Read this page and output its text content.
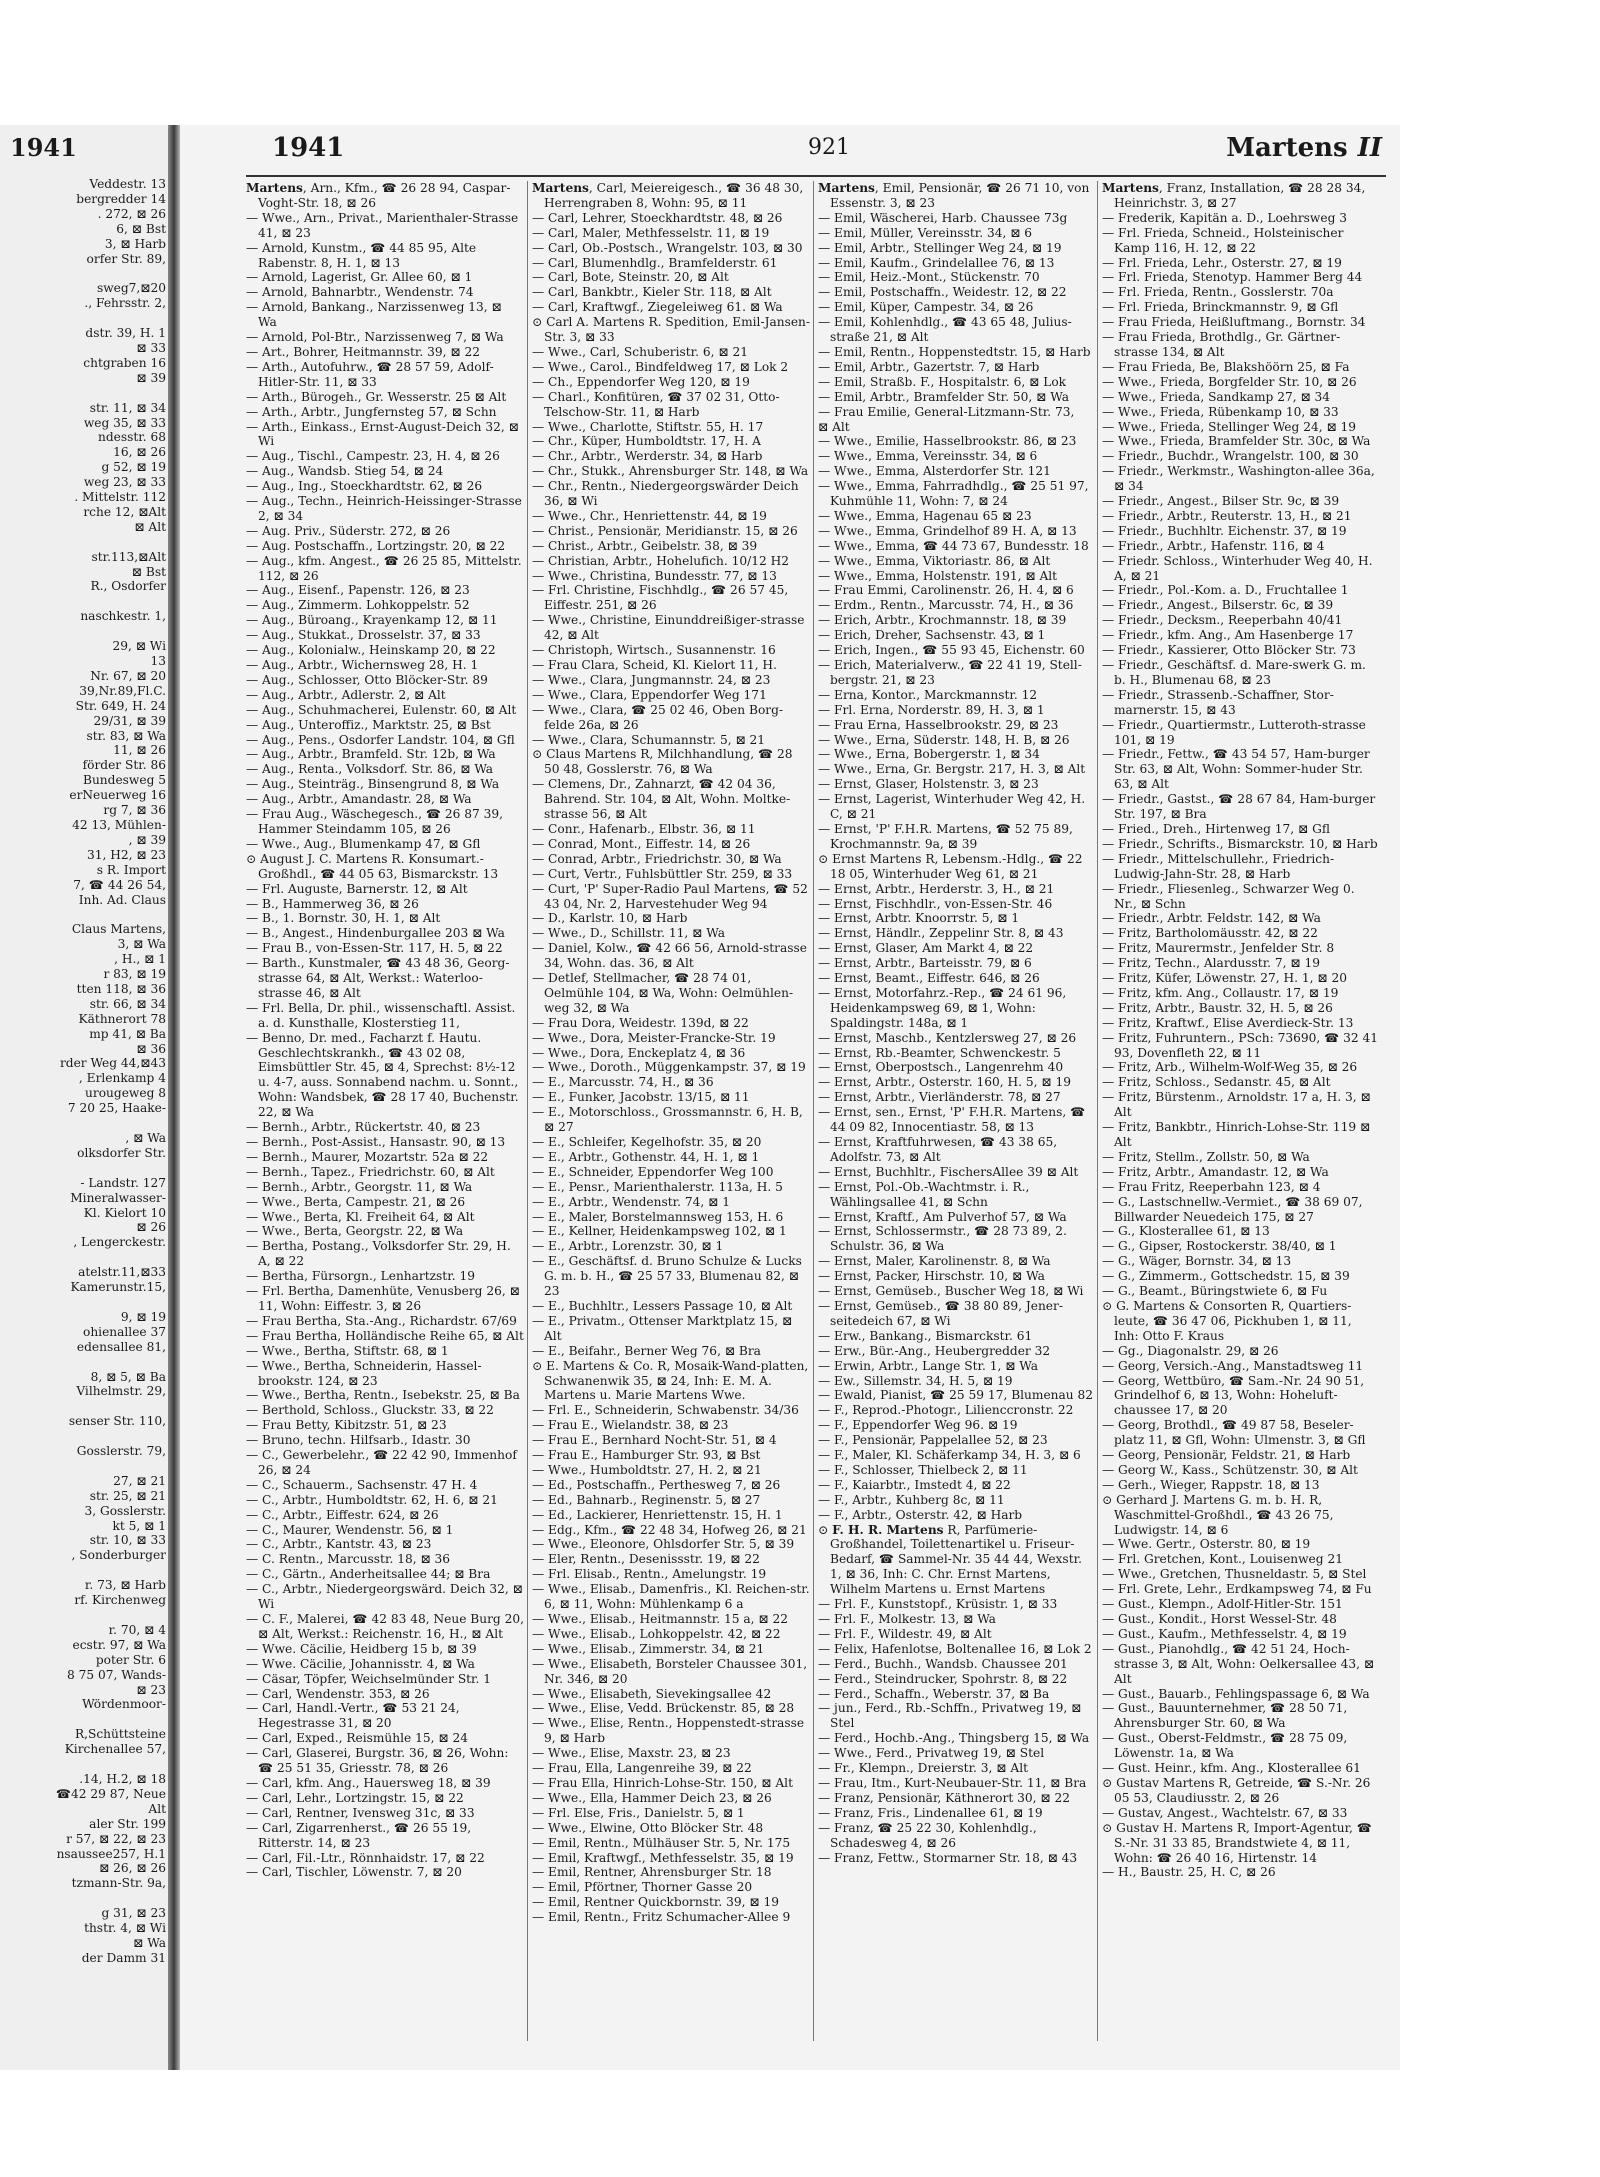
1941
Veddestr. 13
bergredder 14
. 272, ⊠ 26
6, ⊠ Bst
3, ⊠ Harb
orfer Str. 89,

sweg7,⊠20
., Fehrsstr. 2,

dstr. 39, H. 1
⊠ 33
chtgraben 16
⊠ 39

str. 11, ⊠ 34
weg 35, ⊠ 33
ndesstr. 68
16, ⊠ 26
g 52, ⊠ 19
weg 23, ⊠ 33
. Mittelstr. 112
rche 12, ⊠Alt
⊠ Alt

str.113,⊠Alt
⊠ Bst
R., Osdorfer

naschkestr. 1,

29, ⊠ Wi
13
Nr. 67, ⊠ 20
39,Nr.89,Fl.C.
Str. 649, H. 24
29/31, ⊠ 39
str. 83, ⊠ Wa
11, ⊠ 26
förder Str. 86
Bundesweg 5
erNeuerweg 16
rg 7, ⊠ 36
42 13, Mühlen-
, ⊠ 39
31, H2, ⊠ 23
s R. Import
7, ☎ 44 26 54,
Inh. Ad. Claus

Claus Martens,
3, ⊠ Wa
, H., ⊠ 1
r 83, ⊠ 19
tten 118, ⊠ 36
str. 66, ⊠ 34
Käthnerort 78
mp 41, ⊠ Ba
⊠ 36
rder Weg 44,⊠43
, Erlenkamp 4
urougeweg 8
7 20 25, Haake-

, ⊠ Wa
olksdorfer Str.

- Landstr. 127
Mineralwasser-
Kl. Kielort 10
⊠ 26
, Lengerckestr.

atelstr.11,⊠33
Kamerunstr.15,

9, ⊠ 19
ohienallee 37
edensallee 81,

8, ⊠ 5, ⊠ Ba
Vilhelmstr. 29,

senser Str. 110,

Gosslerstr. 79,

27, ⊠ 21
str. 25, ⊠ 21
3, Gosslerstr.
kt 5, ⊠ 1
str. 10, ⊠ 33
, Sonderburger

r. 73, ⊠ Harb
rf. Kirchenweg

r. 70, ⊠ 4
ecstr. 97, ⊠ Wa
poter Str. 6
8 75 07, Wands-
⊠ 23
Wördenmoor-

R,Schüttsteine
Kirchenallee 57,

.14, H.2, ⊠ 18
☎42 29 87, Neue
Alt
aler Str. 199
r 57, ⊠ 22, ⊠ 23
nsaussee257, H.1
⊠ 26, ⊠ 26
tzmann-Str. 9a,

g 31, ⊠ 23
thstr. 4, ⊠ Wi
⊠ Wa
der Damm 31
1941	921	Martens II

Martens, Arn., Kfm., ☎ 26 28 94, Caspar-Voght-Str. 18, ⊠ 26

— Wwe., Arn., Privat., Marienthaler-Strasse 41, ⊠ 23

— Arnold, Kunstm., ☎ 44 85 95, Alte Rabenstr. 8, H. 1, ⊠ 13

— Arnold, Lagerist, Gr. Allee 60, ⊠ 1

— Arnold, Bahnarbtr., Wendenstr. 74

— Arnold, Bankang., Narzissenweg 13, ⊠ Wa

— Arnold, Pol-Btr., Narzissenweg 7, ⊠ Wa

— Art., Bohrer, Heitmannstr. 39, ⊠ 22

— Arth., Autofuhrw., ☎ 28 57 59, Adolf-Hitler-Str. 11, ⊠ 33

— Arth., Bürogeh., Gr. Wesserstr. 25 ⊠ Alt

— Arth., Arbtr., Jungfernsteg 57, ⊠ Schn

— Arth., Einkass., Ernst-August-Deich 32, ⊠ Wi

— Aug., Tischl., Campestr. 23, H. 4, ⊠ 26

— Aug., Wandsb. Stieg 54, ⊠ 24

— Aug., Ing., Stoeckhardtstr. 62, ⊠ 26

— Aug., Techn., Heinrich-Heissinger-Strasse 2, ⊠ 34

— Aug. Priv., Süderstr. 272, ⊠ 26

— Aug. Postschaffn., Lortzingstr. 20, ⊠ 22

— Aug., kfm. Angest., ☎ 26 25 85, Mittelstr. 112, ⊠ 26

— Aug., Eisenf., Papenstr. 126, ⊠ 23

— Aug., Zimmerm. Lohkoppelstr. 52

— Aug., Büroang., Krayenkamp 12, ⊠ 11

— Aug., Stukkat., Drosselstr. 37, ⊠ 33

— Aug., Kolonialw., Heinskamp 20, ⊠ 22

— Aug., Arbtr., Wichernsweg 28, H. 1

— Aug., Schlosser, Otto Blöcker-Str. 89

— Aug., Arbtr., Adlerstr. 2, ⊠ Alt

— Aug., Schuhmacherei, Eulenstr. 60, ⊠ Alt

— Aug., Unteroffiz., Marktstr. 25, ⊠ Bst

— Aug., Pens., Osdorfer Landstr. 104, ⊠ Gfl

— Aug., Arbtr., Bramfeld. Str. 12b, ⊠ Wa

— Aug., Renta., Volksdorf. Str. 86, ⊠ Wa

— Aug., Steinträg., Binsengrund 8, ⊠ Wa

— Aug., Arbtr., Amandastr. 28, ⊠ Wa

— Frau Aug., Wäschegesch., ☎ 26 87 39, Hammer Steindamm 105, ⊠ 26

— Wwe., Aug., Blumenkamp 47, ⊠ Gfl

⊙ August J. C. Martens R. Konsumart.-Großhdl., ☎ 44 05 63, Bismarckstr. 13

— Frl. Auguste, Barnerstr. 12, ⊠ Alt

— B., Hammerweg 36, ⊠ 26

— B., 1. Bornstr. 30, H. 1, ⊠ Alt

— B., Angest., Hindenburgallee 203 ⊠ Wa

— Frau B., von-Essen-Str. 117, H. 5, ⊠ 22

— Barth., Kunstmaler, ☎ 43 48 36, Georg-strasse 64, ⊠ Alt, Werkst.: Waterloo-strasse 46, ⊠ Alt

— Frl. Bella, Dr. phil., wissenschaftl. Assist. a. d. Kunsthalle, Klosterstieg 11,

— Benno, Dr. med., Facharzt f. Hautu. Geschlechtskrankh., ☎ 43 02 08, Eimsbüttler Str. 45, ⊠ 4, Sprechst: 8½-12 u. 4-7, auss. Sonnabend nachm. u. Sonnt., Wohn: Wandsbek, ☎ 28 17 40, Buchenstr. 22, ⊠ Wa

— Bernh., Arbtr., Rückertstr. 40, ⊠ 23

— Bernh., Post-Assist., Hansastr. 90, ⊠ 13

— Bernh., Maurer, Mozartstr. 52a ⊠ 22

— Bernh., Tapez., Friedrichstr. 60, ⊠ Alt

— Bernh., Arbtr., Georgstr. 11, ⊠ Wa

— Wwe., Berta, Campestr. 21, ⊠ 26

— Wwe., Berta, Kl. Freiheit 64, ⊠ Alt

— Wwe., Berta, Georgstr. 22, ⊠ Wa

— Bertha, Postang., Volksdorfer Str. 29, H. A, ⊠ 22

— Bertha, Fürsorgn., Lenhartzstr. 19

— Frl. Bertha, Damenhüte, Venusberg 26, ⊠ 11, Wohn: Eiffestr. 3, ⊠ 26

— Frau Bertha, Sta.-Ang., Richardstr. 67/69

— Frau Bertha, Holländische Reihe 65, ⊠ Alt

— Wwe., Bertha, Stiftstr. 68, ⊠ 1

— Wwe., Bertha, Schneiderin, Hassel-brookstr. 124, ⊠ 23

— Wwe., Bertha, Rentn., Isebekstr. 25, ⊠ Ba

— Berthold, Schloss., Gluckstr. 33, ⊠ 22

— Frau Betty, Kibitzstr. 51, ⊠ 23

— Bruno, techn. Hilfsarb., Idastr. 30

— C., Gewerbelehr., ☎ 22 42 90, Immenhof 26, ⊠ 24

— C., Schauerm., Sachsenstr. 47 H. 4

— C., Arbtr., Humboldtstr. 62, H. 6, ⊠ 21

— C., Arbtr., Eiffestr. 624, ⊠ 26

— C., Maurer, Wendenstr. 56, ⊠ 1

— C., Arbtr., Kantstr. 43, ⊠ 23

— C. Rentn., Marcusstr. 18, ⊠ 36

— C., Gärtn., Anderheitsallee 44; ⊠ Bra

— C., Arbtr., Niedergeorgswärd. Deich 32, ⊠ Wi

— C. F., Malerei, ☎ 42 83 48, Neue Burg 20, ⊠ Alt, Werkst.: Reichenstr. 16, H., ⊠ Alt

— Wwe. Cäcilie, Heidberg 15 b, ⊠ 39

— Wwe. Cäcilie, Johannisstr. 4, ⊠ Wa

— Cäsar, Töpfer, Weichselmünder Str. 1

— Carl, Wendenstr. 353, ⊠ 26

— Carl, Handl.-Vertr., ☎ 53 21 24, Hegestrasse 31, ⊠ 20

— Carl, Exped., Reismühle 15, ⊠ 24

— Carl, Glaserei, Burgstr. 36, ⊠ 26, Wohn: ☎ 25 51 35, Griesstr. 78, ⊠ 26

— Carl, kfm. Ang., Hauersweg 18, ⊠ 39

— Carl, Lehr., Lortzingstr. 15, ⊠ 22

— Carl, Rentner, Ivensweg 31c, ⊠ 33

— Carl, Zigarrenherst., ☎ 26 55 19, Ritterstr. 14, ⊠ 23

— Carl, Fil.-Ltr., Rönnhaidstr. 17, ⊠ 22

— Carl, Tischler, Löwenstr. 7, ⊠ 20

Martens, Carl, Meiereigesch., ☎ 36 48 30, Herrengraben 8, Wohn: 95, ⊠ 11

— Carl, Lehrer, Stoeckhardtstr. 48, ⊠ 26

— Carl, Maler, Methfesselstr. 11, ⊠ 19

— Carl, Ob.-Postsch., Wrangelstr. 103, ⊠ 30

— Carl, Blumenhdlg., Bramfelderstr. 61

— Carl, Bote, Steinstr. 20, ⊠ Alt

— Carl, Bankbtr., Kieler Str. 118, ⊠ Alt

— Carl, Kraftwgf., Ziegeleiweg 61. ⊠ Wa

⊙ Carl A. Martens R. Spedition, Emil-Jansen-Str. 3, ⊠ 33

— Wwe., Carl, Schuberistr. 6, ⊠ 21

— Wwe., Carol., Bindfeldweg 17, ⊠ Lok 2

— Ch., Eppendorfer Weg 120, ⊠ 19

— Charl., Konfitüren, ☎ 37 02 31, Otto-Telschow-Str. 11, ⊠ Harb

— Wwe., Charlotte, Stiftstr. 55, H. 17

— Chr., Küper, Humboldtstr. 17, H. A

— Chr., Arbtr., Werderstr. 34, ⊠ Harb

— Chr., Stukk., Ahrensburger Str. 148, ⊠ Wa

— Chr., Rentn., Niedergeorgswärder Deich 36, ⊠ Wi

— Wwe., Chr., Henriettenstr. 44, ⊠ 19

— Christ., Pensionär, Meridianstr. 15, ⊠ 26

— Christ., Arbtr., Geibelstr. 38, ⊠ 39

— Christian, Arbtr., Hohelufich. 10/12 H2

— Wwe., Christina, Bundesstr. 77, ⊠ 13

— Frl. Christine, Fischhdlg., ☎ 26 57 45, Eiffestr. 251, ⊠ 26

— Wwe., Christine, Einunddreißiger-strasse 42, ⊠ Alt

— Christoph, Wirtsch., Susannenstr. 16

— Frau Clara, Scheid, Kl. Kielort 11, H.

— Wwe., Clara, Jungmannstr. 24, ⊠ 23

— Wwe., Clara, Eppendorfer Weg 171

— Wwe., Clara, ☎ 25 02 46, Oben Borg-felde 26a, ⊠ 26

— Wwe., Clara, Schumannstr. 5, ⊠ 21

⊙ Claus Martens R, Milchhandlung, ☎ 28 50 48, Gosslerstr. 76, ⊠ Wa

— Clemens, Dr., Zahnarzt, ☎ 42 04 36, Bahrend. Str. 104, ⊠ Alt, Wohn. Moltke-strasse 56, ⊠ Alt

— Conr., Hafenarb., Elbstr. 36, ⊠ 11

— Conrad, Mont., Eiffestr. 14, ⊠ 26

— Conrad, Arbtr., Friedrichstr. 30, ⊠ Wa

— Curt, Vertr., Fuhlsbüttler Str. 259, ⊠ 33

— Curt, 'P' Super-Radio Paul Martens, ☎ 52 43 04, Nr. 2, Harvestehuder Weg 94

— D., Karlstr. 10, ⊠ Harb

— Wwe., D., Schillstr. 11, ⊠ Wa

— Daniel, Kolw., ☎ 42 66 56, Arnold-strasse 34, Wohn. das. 36, ⊠ Alt

— Detlef, Stellmacher, ☎ 28 74 01, Oelmühle 104, ⊠ Wa, Wohn: Oelmühlen-weg 32, ⊠ Wa

— Frau Dora, Weidestr. 139d, ⊠ 22

— Wwe., Dora, Meister-Francke-Str. 19

— Wwe., Dora, Enckeplatz 4, ⊠ 36

— Wwe., Doroth., Müggenkampstr. 37, ⊠ 19

— E., Marcusstr. 74, H., ⊠ 36

— E., Funker, Jacobstr. 13/15, ⊠ 11

— E., Motorschloss., Grossmannstr. 6, H. B, ⊠ 27

— E., Schleifer, Kegelhofstr. 35, ⊠ 20

— E., Arbtr., Gothenstr. 44, H. 1, ⊠ 1

— E., Schneider, Eppendorfer Weg 100

— E., Pensr., Marienthalerstr. 113a, H. 5

— E., Arbtr., Wendenstr. 74, ⊠ 1

— E., Maler, Borstelmannsweg 153, H. 6

— E., Kellner, Heidenkampsweg 102, ⊠ 1

— E., Arbtr., Lorenzstr. 30, ⊠ 1

— E., Geschäftsf. d. Bruno Schulze & Lucks G. m. b. H., ☎ 25 57 33, Blumenau 82, ⊠ 23

— E., Buchhltr., Lessers Passage 10, ⊠ Alt

— E., Privatm., Ottenser Marktplatz 15, ⊠ Alt

— E., Beifahr., Berner Weg 76, ⊠ Bra

⊙ E. Martens & Co. R, Mosaik-Wand-platten, Schwanenwik 35, ⊠ 24, Inh: E. M. A. Martens u. Marie Martens Wwe.

— Frl. E., Schneiderin, Schwabenstr. 34/36

— Frau E., Wielandstr. 38, ⊠ 23

— Frau E., Bernhard Nocht-Str. 51, ⊠ 4

— Frau E., Hamburger Str. 93, ⊠ Bst

— Wwe., Humboldtstr. 27, H. 2, ⊠ 21

— Ed., Postschaffn., Perthesweg 7, ⊠ 26

— Ed., Bahnarb., Reginenstr. 5, ⊠ 27

— Ed., Lackierer, Henriettenstr. 15, H. 1

— Edg., Kfm., ☎ 22 48 34, Hofweg 26, ⊠ 21

— Wwe., Eleonore, Ohlsdorfer Str. 5, ⊠ 39

— Eler, Rentn., Desenissstr. 19, ⊠ 22

— Frl. Elisab., Rentn., Amelungstr. 19

— Wwe., Elisab., Damenfris., Kl. Reichen-str. 6, ⊠ 11, Wohn: Mühlenkamp 6 a

— Wwe., Elisab., Heitmannstr. 15 a, ⊠ 22

— Wwe., Elisab., Lohkoppelstr. 42, ⊠ 22

— Wwe., Elisab., Zimmerstr. 34, ⊠ 21

— Wwe., Elisabeth, Borsteler Chaussee 301, Nr. 346, ⊠ 20

— Wwe., Elisabeth, Sievekingsallee 42

— Wwe., Elise, Vedd. Brückenstr. 85, ⊠ 28

— Wwe., Elise, Rentn., Hoppenstedt-strasse 9, ⊠ Harb

— Wwe., Elise, Maxstr. 23, ⊠ 23

— Frau, Ella, Langenreihe 39, ⊠ 22

— Frau Ella, Hinrich-Lohse-Str. 150, ⊠ Alt

— Wwe., Ella, Hammer Deich 23, ⊠ 26

— Frl. Else, Fris., Danielstr. 5, ⊠ 1

— Wwe., Elwine, Otto Blöcker Str. 48

— Emil, Rentn., Mülhäuser Str. 5, Nr. 175

— Emil, Kraftwgf., Methfesselstr. 35, ⊠ 19

— Emil, Rentner, Ahrensburger Str. 18

— Emil, Pförtner, Thorner Gasse 20

— Emil, Rentner Quickbornstr. 39, ⊠ 19

— Emil, Rentn., Fritz Schumacher-Allee 9

Martens, Emil, Pensionär, ☎ 26 71 10, von Essenstr. 3, ⊠ 23

— Emil, Wäscherei, Harb. Chaussee 73g

— Emil, Müller, Vereinsstr. 34, ⊠ 6

— Emil, Arbtr., Stellinger Weg 24, ⊠ 19

— Emil, Kaufm., Grindelallee 76, ⊠ 13

— Emil, Heiz.-Mont., Stückenstr. 70

— Emil, Postschaffn., Weidestr. 12, ⊠ 22

— Emil, Küper, Campestr. 34, ⊠ 26

— Emil, Kohlenhdlg., ☎ 43 65 48, Julius-straße 21, ⊠ Alt

— Emil, Rentn., Hoppenstedtstr. 15, ⊠ Harb

— Emil, Arbtr., Gazertstr. 7, ⊠ Harb

— Emil, Straßb. F., Hospitalstr. 6, ⊠ Lok

— Emil, Arbtr., Bramfelder Str. 50, ⊠ Wa

— Frau Emilie, General-Litzmann-Str. 73,

⊠ Alt

— Wwe., Emilie, Hasselbrookstr. 86, ⊠ 23

— Wwe., Emma, Vereinsstr. 34, ⊠ 6

— Wwe., Emma, Alsterdorfer Str. 121

— Wwe., Emma, Fahrradhdlg., ☎ 25 51 97, Kuhmühle 11, Wohn: 7, ⊠ 24

— Wwe., Emma, Hagenau 65 ⊠ 23

— Wwe., Emma, Grindelhof 89 H. A, ⊠ 13

— Wwe., Emma, ☎ 44 73 67, Bundesstr. 18

— Wwe., Emma, Viktoriastr. 86, ⊠ Alt

— Wwe., Emma, Holstenstr. 191, ⊠ Alt

— Frau Emmi, Carolinenstr. 26, H. 4, ⊠ 6

— Erdm., Rentn., Marcusstr. 74, H., ⊠ 36

— Erich, Arbtr., Krochmannstr. 18, ⊠ 39

— Erich, Dreher, Sachsenstr. 43, ⊠ 1

— Erich, Ingen., ☎ 55 93 45, Eichenstr. 60

— Erich, Materialverw., ☎ 22 41 19, Stell-bergstr. 21, ⊠ 23

— Erna, Kontor., Marckmannstr. 12

— Frl. Erna, Norderstr. 89, H. 3, ⊠ 1

— Frau Erna, Hasselbrookstr. 29, ⊠ 23

— Wwe., Erna, Süderstr. 148, H. B, ⊠ 26

— Wwe., Erna, Bobergerstr. 1, ⊠ 34

— Wwe., Erna, Gr. Bergstr. 217, H. 3, ⊠ Alt

— Ernst, Glaser, Holstenstr. 3, ⊠ 23

— Ernst, Lagerist, Winterhuder Weg 42, H. C, ⊠ 21

— Ernst, 'P' F.H.R. Martens, ☎ 52 75 89, Krochmannstr. 9a, ⊠ 39

⊙ Ernst Martens R, Lebensm.-Hdlg., ☎ 22 18 05, Winterhuder Weg 61, ⊠ 21

— Ernst, Arbtr., Herderstr. 3, H., ⊠ 21

— Ernst, Fischhdlr., von-Essen-Str. 46

— Ernst, Arbtr. Knoorrstr. 5, ⊠ 1

— Ernst, Händlr., Zeppelinr Str. 8, ⊠ 43

— Ernst, Glaser, Am Markt 4, ⊠ 22

— Ernst, Arbtr., Barteisstr. 79, ⊠ 6

— Ernst, Beamt., Eiffestr. 646, ⊠ 26

— Ernst, Motorfahrz.-Rep., ☎ 24 61 96, Heidenkampsweg 69, ⊠ 1, Wohn: Spaldingstr. 148a, ⊠ 1

— Ernst, Maschb., Kentzlersweg 27, ⊠ 26

— Ernst, Rb.-Beamter, Schwenckestr. 5

— Ernst, Oberpostsch., Langenrehm 40

— Ernst, Arbtr., Osterstr. 160, H. 5, ⊠ 19

— Ernst, Arbtr., Vierländerstr. 78, ⊠ 27

— Ernst, sen., Ernst, 'P' F.H.R. Martens, ☎ 44 09 82, Innocentiastr. 58, ⊠ 13

— Ernst, Kraftfuhrwesen, ☎ 43 38 65, Adolfstr. 73, ⊠ Alt

— Ernst, Buchhltr., FischersAllee 39 ⊠ Alt

— Ernst, Pol.-Ob.-Wachtmstr. i. R., Wählingsallee 41, ⊠ Schn

— Ernst, Kraftf., Am Pulverhof 57, ⊠ Wa

— Ernst, Schlossermstr., ☎ 28 73 89, 2. Schulstr. 36, ⊠ Wa

— Ernst, Maler, Karolinenstr. 8, ⊠ Wa

— Ernst, Packer, Hirschstr. 10, ⊠ Wa

— Ernst, Gemüseb., Buscher Weg 18, ⊠ Wi

— Ernst, Gemüseb., ☎ 38 80 89, Jener-seitedeich 67, ⊠ Wi

— Erw., Bankang., Bismarckstr. 61

— Erw., Bür.-Ang., Heubergredder 32

— Erwin, Arbtr., Lange Str. 1, ⊠ Wa

— Ew., Sillemstr. 34, H. 5, ⊠ 19

— Ewald, Pianist, ☎ 25 59 17, Blumenau 82

— F., Reprod.-Photogr., Lilienccronstr. 22

— F., Eppendorfer Weg 96. ⊠ 19

— F., Pensionär, Pappelallee 52, ⊠ 23

— F., Maler, Kl. Schäferkamp 34, H. 3, ⊠ 6

— F., Schlosser, Thielbeck 2, ⊠ 11

— F., Kaiarbtr., Imstedt 4, ⊠ 22

— F., Arbtr., Kuhberg 8c, ⊠ 11

— F., Arbtr., Osterstr. 42, ⊠ Harb

⊙ F. H. R. Martens R, Parfümerie-Großhandel, Toilettenartikel u. Friseur-Bedarf, ☎ Sammel-Nr. 35 44 44, Wexstr. 1, ⊠ 36, Inh: C. Chr. Ernst Martens, Wilhelm Martens u. Ernst Martens

— Frl. F., Kunststopf., Krüsistr. 1, ⊠ 33

— Frl. F., Molkestr. 13, ⊠ Wa

— Frl. F., Wildestr. 49, ⊠ Alt

— Felix, Hafenlotse, Boltenallee 16, ⊠ Lok 2

— Ferd., Buchh., Wandsb. Chaussee 201

— Ferd., Steindrucker, Spohrstr. 8, ⊠ 22

— Ferd., Schaffn., Weberstr. 37, ⊠ Ba

— jun., Ferd., Rb.-Schffn., Privatweg 19, ⊠ Stel

— Ferd., Hochb.-Ang., Thingsberg 15, ⊠ Wa

— Wwe., Ferd., Privatweg 19, ⊠ Stel

— Fr., Klempn., Dreierstr. 3, ⊠ Alt

— Frau, Itm., Kurt-Neubauer-Str. 11, ⊠ Bra

— Franz, Pensionär, Käthnerort 30, ⊠ 22

— Franz, Fris., Lindenallee 61, ⊠ 19

— Franz, ☎ 25 22 30, Kohlenhdlg., Schadesweg 4, ⊠ 26

— Franz, Fettw., Stormarner Str. 18, ⊠ 43

Martens, Franz, Installation, ☎ 28 28 34, Heinrichstr. 3, ⊠ 27

— Frederik, Kapitän a. D., Loehrsweg 3

— Frl. Frieda, Schneid., Holsteinischer Kamp 116, H. 12, ⊠ 22

— Frl. Frieda, Lehr., Osterstr. 27, ⊠ 19

— Frl. Frieda, Stenotyp. Hammer Berg 44

— Frl. Frieda, Rentn., Gosslerstr. 70a

— Frl. Frieda, Brinckmannstr. 9, ⊠ Gfl

— Frau Frieda, Heißluftmang., Bornstr. 34

— Frau Frieda, Brothdlg., Gr. Gärtner-strasse 134, ⊠ Alt

— Frau Frieda, Be, Blakshöörn 25, ⊠ Fa

— Wwe., Frieda, Borgfelder Str. 10, ⊠ 26

— Wwe., Frieda, Sandkamp 27, ⊠ 34

— Wwe., Frieda, Rübenkamp 10, ⊠ 33

— Wwe., Frieda, Stellinger Weg 24, ⊠ 19

— Wwe., Frieda, Bramfelder Str. 30c, ⊠ Wa

— Friedr., Buchdr., Wrangelstr. 100, ⊠ 30

— Friedr., Werkmstr., Washington-allee 36a, ⊠ 34

— Friedr., Angest., Bilser Str. 9c, ⊠ 39

— Friedr., Arbtr., Reuterstr. 13, H., ⊠ 21

— Friedr., Buchhltr. Eichenstr. 37, ⊠ 19

— Friedr., Arbtr., Hafenstr. 116, ⊠ 4

— Friedr. Schloss., Winterhuder Weg 40, H. A, ⊠ 21

— Friedr., Pol.-Kom. a. D., Fruchtallee 1

— Friedr., Angest., Bilserstr. 6c, ⊠ 39

— Friedr., Decksm., Reeperbahn 40/41

— Friedr., kfm. Ang., Am Hasenberge 17

— Friedr., Kassierer, Otto Blöcker Str. 73

— Friedr., Geschäftsf. d. Mare-swerk G. m. b. H., Blumenau 68, ⊠ 23

— Friedr., Strassenb.-Schaffner, Stor-marnerstr. 15, ⊠ 43

— Friedr., Quartiermstr., Lutteroth-strasse 101, ⊠ 19

— Friedr., Fettw., ☎ 43 54 57, Ham-burger Str. 63, ⊠ Alt, Wohn: Sommer-huder Str. 63, ⊠ Alt

— Friedr., Gastst., ☎ 28 67 84, Ham-burger Str. 197, ⊠ Bra

— Fried., Dreh., Hirtenweg 17, ⊠ Gfl

— Friedr., Schrifts., Bismarckstr. 10, ⊠ Harb

— Friedr., Mittelschullehr., Friedrich-Ludwig-Jahn-Str. 28, ⊠ Harb

— Friedr., Fliesenleg., Schwarzer Weg 0. Nr., ⊠ Schn

— Friedr., Arbtr. Feldstr. 142, ⊠ Wa

— Fritz, Bartholomäusstr. 42, ⊠ 22

— Fritz, Maurermstr., Jenfelder Str. 8

— Fritz, Techn., Alardusstr. 7, ⊠ 19

— Fritz, Küfer, Löwenstr. 27, H. 1, ⊠ 20

— Fritz, kfm. Ang., Collaustr. 17, ⊠ 19

— Fritz, Arbtr., Baustr. 32, H. 5, ⊠ 26

— Fritz, Kraftwf., Elise Averdieck-Str. 13

— Fritz, Fuhruntern., PSch: 73690, ☎ 32 41 93, Dovenfleth 22, ⊠ 11

— Fritz, Arb., Wilhelm-Wolf-Weg 35, ⊠ 26

— Fritz, Schloss., Sedanstr. 45, ⊠ Alt

— Fritz, Bürstenm., Arnoldstr. 17 a, H. 3, ⊠ Alt

— Fritz, Bankbtr., Hinrich-Lohse-Str. 119 ⊠ Alt

— Fritz, Stellm., Zollstr. 50, ⊠ Wa

— Fritz, Arbtr., Amandastr. 12, ⊠ Wa

— Frau Fritz, Reeperbahn 123, ⊠ 4

— G., Lastschnellw.-Vermiet., ☎ 38 69 07, Billwarder Neuedeich 175, ⊠ 27

— G., Klosterallee 61, ⊠ 13

— G., Gipser, Rostockerstr. 38/40, ⊠ 1

— G., Wäger, Bornstr. 34, ⊠ 13

— G., Zimmerm., Gottschedstr. 15, ⊠ 39

— G., Beamt., Büringstwiete 6, ⊠ Fu

⊙ G. Martens & Consorten R, Quartiers-leute, ☎ 36 47 06, Pickhuben 1, ⊠ 11, Inh: Otto F. Kraus

— Gg., Diagonalstr. 29, ⊠ 26

— Georg, Versich.-Ang., Manstadtsweg 11

— Georg, Wettbüro, ☎ Sam.-Nr. 24 90 51, Grindelhof 6, ⊠ 13, Wohn: Hoheluft-chaussee 17, ⊠ 20

— Georg, Brothdl., ☎ 49 87 58, Beseler-platz 11, ⊠ Gfl, Wohn: Ulmenstr. 3, ⊠ Gfl

— Georg, Pensionär, Feldstr. 21, ⊠ Harb

— Georg W., Kass., Schützenstr. 30, ⊠ Alt

— Gerh., Wieger, Rappstr. 18, ⊠ 13

⊙ Gerhard J. Martens G. m. b. H. R, Waschmittel-Großhdl., ☎ 43 26 75, Ludwigstr. 14, ⊠ 6

— Wwe. Gertr., Osterstr. 80, ⊠ 19

— Frl. Gretchen, Kont., Louisenweg 21

— Wwe., Gretchen, Thusneldastr. 5, ⊠ Stel

— Frl. Grete, Lehr., Erdkampsweg 74, ⊠ Fu

— Gust., Klempn., Adolf-Hitler-Str. 151

— Gust., Kondit., Horst Wessel-Str. 48

— Gust., Kaufm., Methfesselstr. 4, ⊠ 19

— Gust., Pianohdlg., ☎ 42 51 24, Hoch-strasse 3, ⊠ Alt, Wohn: Oelkersallee 43, ⊠ Alt

— Gust., Bauarb., Fehlingspassage 6, ⊠ Wa

— Gust., Bauunternehmer, ☎ 28 50 71, Ahrensburger Str. 60, ⊠ Wa

— Gust., Oberst-Feldmstr., ☎ 28 75 09, Löwenstr. 1a, ⊠ Wa

— Gust. Heinr., kfm. Ang., Klosterallee 61

⊙ Gustav Martens R, Getreide, ☎ S.-Nr. 26 05 53, Claudiusstr. 2, ⊠ 26

— Gustav, Angest., Wachtelstr. 67, ⊠ 33

⊙ Gustav H. Martens R, Import-Agentur, ☎ S.-Nr. 31 33 85, Brandstwiete 4, ⊠ 11, Wohn: ☎ 26 40 16, Hirtenstr. 14

— H., Baustr. 25, H. C, ⊠ 26
